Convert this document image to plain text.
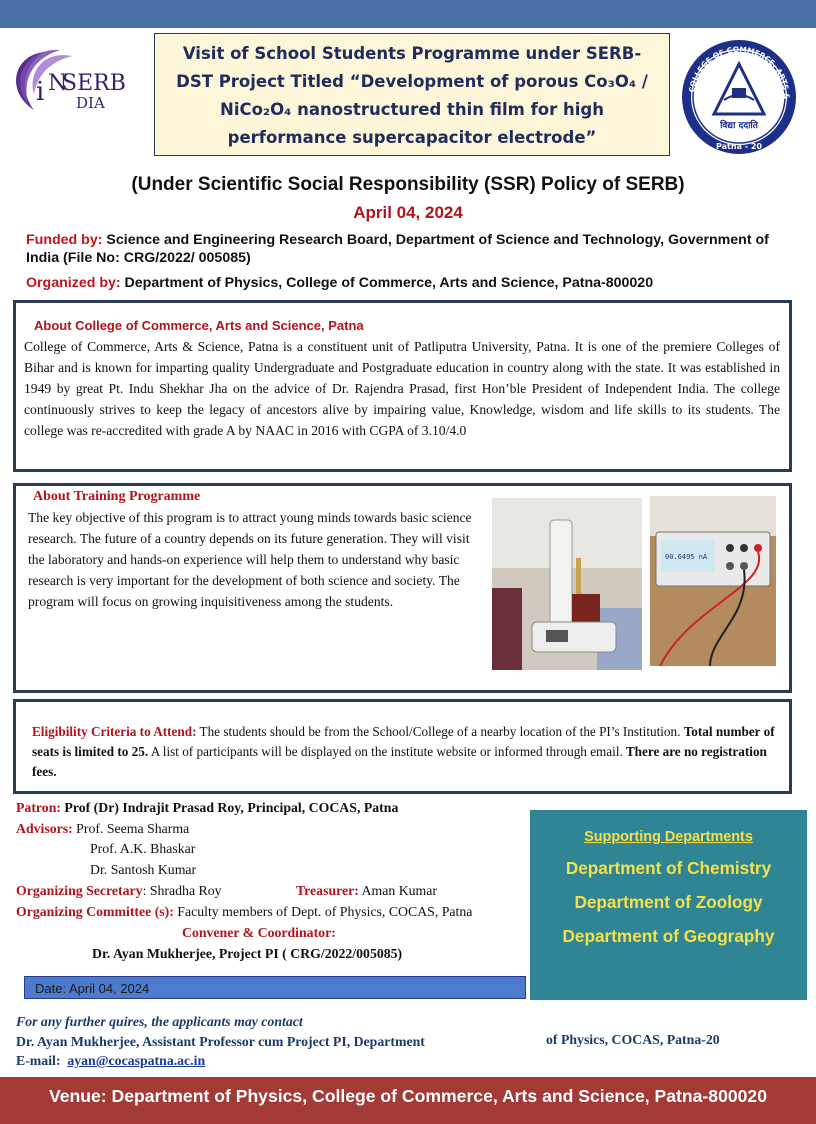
i N
SERB
DIA
Visit of School Students Programme under SERB-
DST Project Titled “Development of porous Co₃O₄ /
NiCo₂O₄ nanostructured thin film for high
performance supercapacitor electrode”
विद्या ददाति
COLLEGE OF COMMERCE, ARTS &
Patna - 20
(Under Scientific Social Responsibility (SSR) Policy of SERB)
April 04, 2024
Funded by: Science and Engineering Research Board, Department of Science and Technology, Government of India (File No: CRG/2022/ 005085)
Organized by: Department of Physics, College of Commerce, Arts and Science, Patna-800020
About College of Commerce, Arts and Science, Patna
College of Commerce, Arts & Science, Patna is a constituent unit of Patliputra University, Patna. It is one of the premiere Colleges of Bihar and is known for imparting quality Undergraduate and Postgraduate education in country along with the state. It was established in 1949 by great Pt. Indu Shekhar Jha on the advice of Dr. Rajendra Prasad, first Hon’ble President of Independent India. The college continuously strives to keep the legacy of ancestors alive by impairing value, Knowledge, wisdom and life skills to its students. The college was re-accredited with grade A by NAAC in 2016 with CGPA of 3.10/4.0
About Training Programme
The key objective of this program is to attract young minds towards basic science research. The future of a country depends on its future generation. They will visit the laboratory and hands-on experience will help them to understand why basic research is very important for the development of both science and society. The program will focus on growing inquisitiveness among the students.
00.6495 nA
Eligibility Criteria to Attend: The students should be from the School/College of a nearby location of the PI’s Institution. Total number of seats is limited to 25. A list of participants will be displayed on the institute website or informed through email. There are no registration fees.
Patron: Prof (Dr) Indrajit Prasad Roy, Principal, COCAS, Patna
Advisors: Prof. Seema Sharma
Prof. A.K. Bhaskar
Dr. Santosh Kumar
Organizing Secretary: Shradha Roy	Treasurer: Aman Kumar
Organizing Committee (s): Faculty members of Dept. of Physics, COCAS, Patna
Convener & Coordinator:
Dr. Ayan Mukherjee, Project PI ( CRG/2022/005085)
Supporting Departments
Department of Chemistry
Department of Zoology
Department of Geography
Date: April 04, 2024
For any further quires, the applicants may contact
Dr. Ayan Mukherjee, Assistant Professor cum Project PI, Department	of Physics, COCAS, Patna-20
E-mail: ayan@cocaspatna.ac.in
Venue: Department of Physics, College of Commerce, Arts and Science, Patna-800020
